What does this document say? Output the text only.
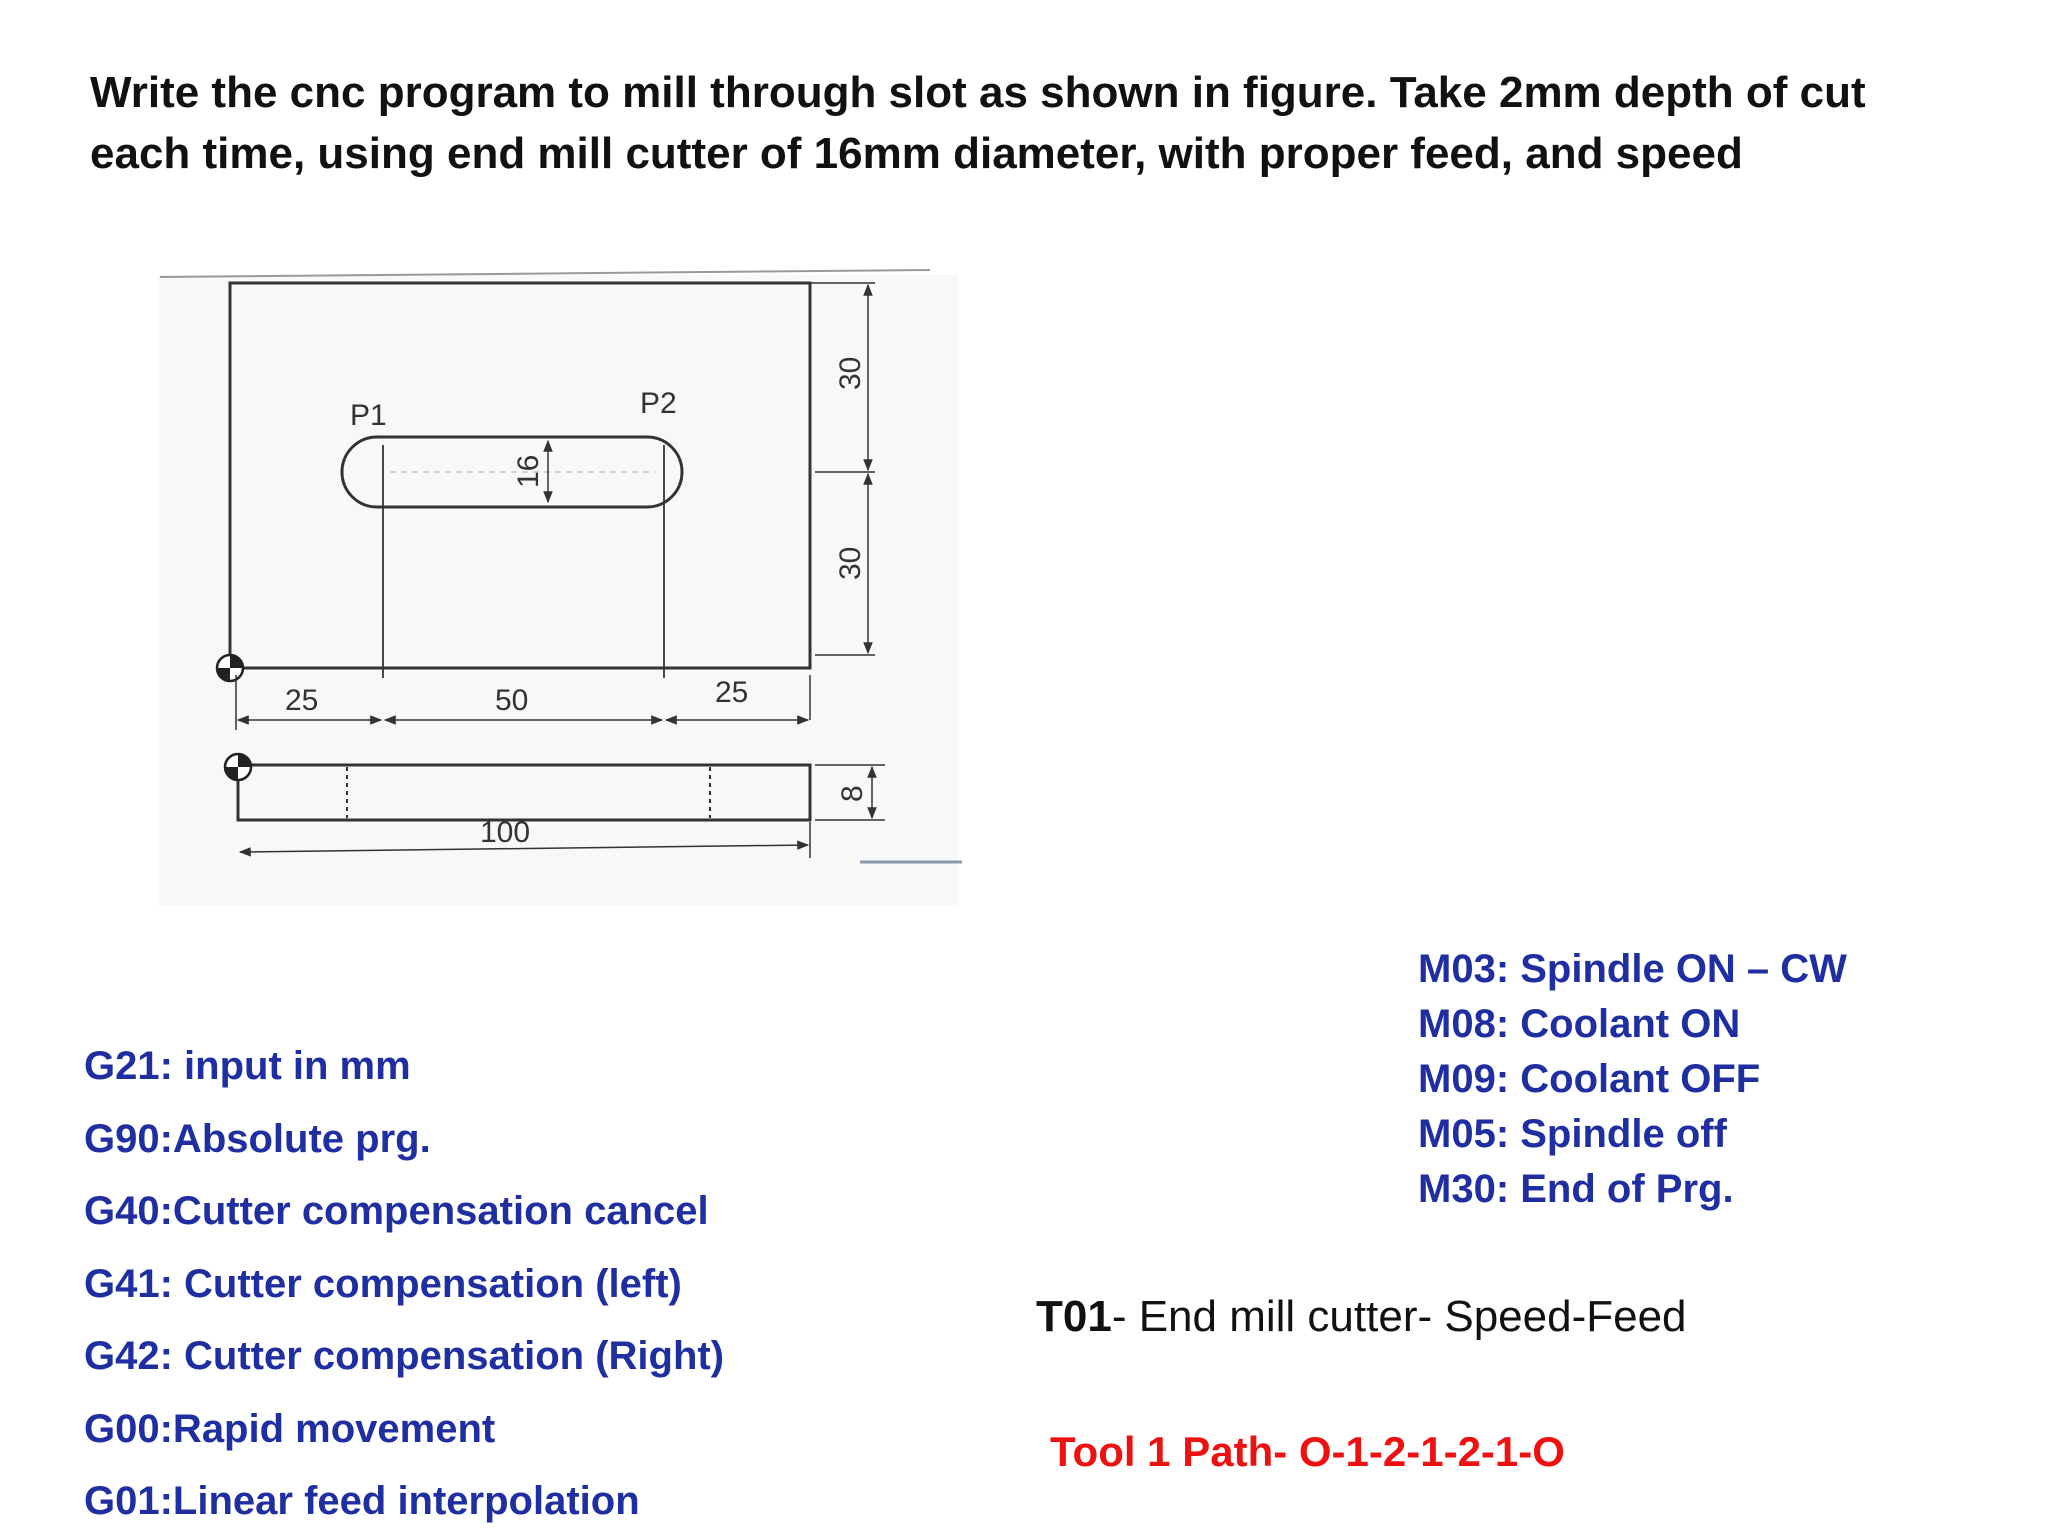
Write the cnc program to mill through slot as shown in figure. Take 2mm depth of cut
each time, using end mill cutter of 16mm diameter, with proper feed, and speed
P1	P2
16
30
30
25	50	25
8
100
G21: input in mm
G90:Absolute prg.
G40:Cutter compensation cancel
G41: Cutter compensation (left)
G42: Cutter compensation (Right)
G00:Rapid movement
G01:Linear feed interpolation
M03: Spindle ON – CW
M08: Coolant ON
M09: Coolant OFF
M05: Spindle off
M30: End of Prg.
T01- End mill cutter- Speed-Feed
Tool 1 Path- O-1-2-1-2-1-O
